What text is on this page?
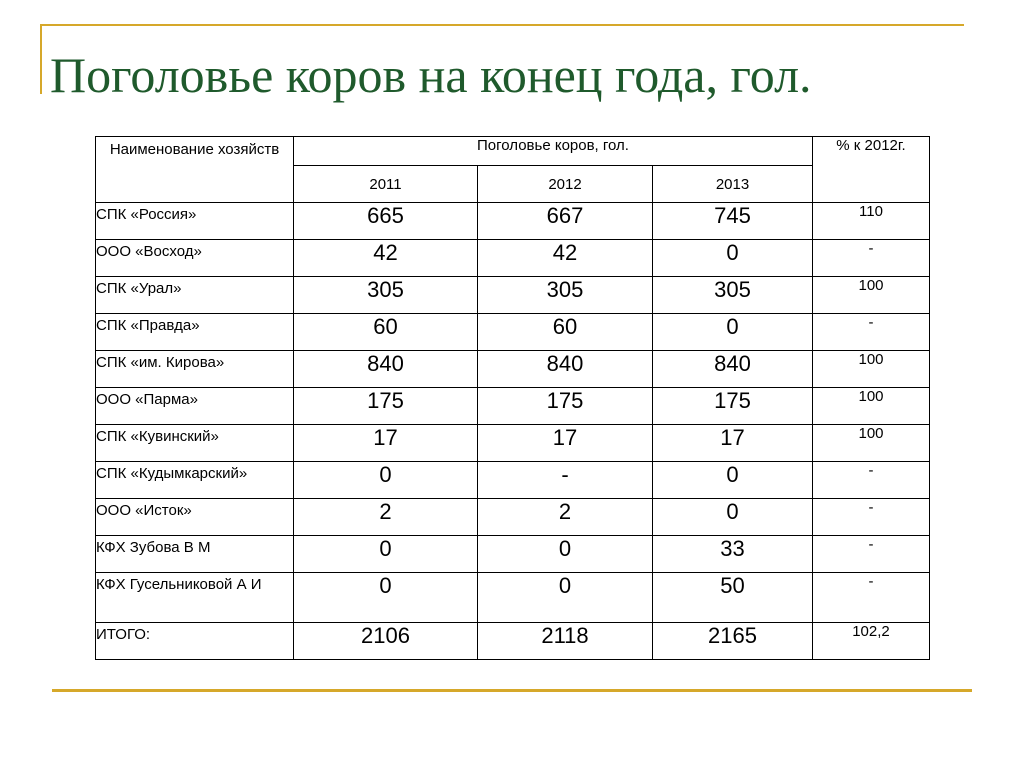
Поголовье коров на конец года, гол.
Наименование хозяйств	Поголовье коров, гол.			% к 2012г.
	2011	2012	2013	
СПК «Россия»	665	667	745	110
ООО «Восход»	42	42	0	-
СПК «Урал»	305	305	305	100
СПК «Правда»	60	60	0	-
СПК «им. Кирова»	840	840	840	100
ООО «Парма»	175	175	175	100
СПК «Кувинский»	17	17	17	100
СПК «Кудымкарский»	0	-	0	-
ООО «Исток»	2	2	0	-
КФХ Зубова В М	0	0	33	-
КФХ Гусельниковой А И	0	0	50	-
ИТОГО:	2106	2118	2165	102,2
